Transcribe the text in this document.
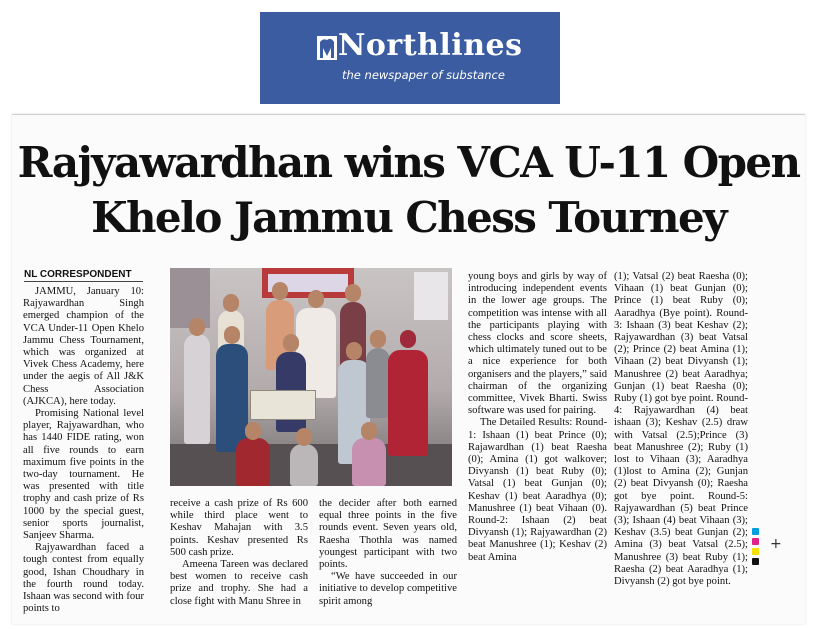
Northlines
the newspaper of substance
Rajyawardhan wins VCA U-11 Open
Khelo Jammu Chess Tourney
NL CORRESPONDENT

JAMMU, January 10: Rajyawardhan Singh emerged champion of the VCA Under-11 Open Khelo Jammu Chess Tournament, which was organized at Vivek Chess Academy, here under the aegis of All J&K Chess Association (AJKCA), here today.

Promising National level player, Rajyawardhan, who has 1440 FIDE rating, won all five rounds to earn maximum five points in the two-day tournament. He was presented with title trophy and cash prize of Rs 1000 by the special guest, senior sports journalist, Sanjeev Sharma.

Rajyawardhan faced a tough contest from equally good, Ishan Choudhary in the fourth round today. Ishaan was second with four points to

receive a cash prize of Rs 600 while third place went to Keshav Mahajan with 3.5 points. Keshav presented Rs 500 cash prize.

Ameena Tareen was declared best women to receive cash prize and trophy. She had a close fight with Manu Shree in

the decider after both earned equal three points in the five rounds event. Seven years old, Raesha Thothla was named youngest participant with two points.

“We have succeeded in our initiative to develop competitive spirit among

young boys and girls by way of introducing independent events in the lower age groups. The competition was intense with all the participants playing with chess clocks and score sheets, which ultimately tuned out to be a nice experience for both organisers and the players,” said chairman of the organizing committee, Vivek Bharti. Swiss software was used for pairing.

The Detailed Results: Round-1: Ishaan (1) beat Prince (0); Rajawardhan (1) beat Raesha (0); Amina (1) got walkover; Divyansh (1) beat Ruby (0); Vatsal (1) beat Gunjan (0); Keshav (1) beat Aaradhya (0); Manushree (1) beat Vihaan (0). Round-2: Ishaan (2) beat Divyansh (1); Rajyawardhan (2) beat Manushree (1); Keshav (2) beat Amina

(1); Vatsal (2) beat Raesha (0); Vihaan (1) beat Gunjan (0); Prince (1) beat Ruby (0); Aaradhya (Bye point). Round-3: Ishaan (3) beat Keshav (2); Rajyawardhan (3) beat Vatsal (2); Prince (2) beat Amina (1); Vihaan (2) beat Divyansh (1); Manushree (2) beat Aaradhya; Gunjan (1) beat Raesha (0); Ruby (1) got bye point. Round-4: Rajyawardhan (4) beat ishaan (3); Keshav (2.5) draw with Vatsal (2.5);Prince (3) beat Manushree (2); Ruby (1) lost to Vihaan (3); Aaradhya (1)lost to Amina (2); Gunjan (2) beat Divyansh (0); Raesha got bye point. Round-5: Rajyawardhan (5) beat Prince (3); Ishaan (4) beat Vihaan (3); Keshav (3.5) beat Gunjan (2); Amina (3) beat Vatsal (2.5); Manushree (3) beat Ruby (1); Raesha (2) beat Aaradhya (1); Divyansh (2) got bye point.

+
